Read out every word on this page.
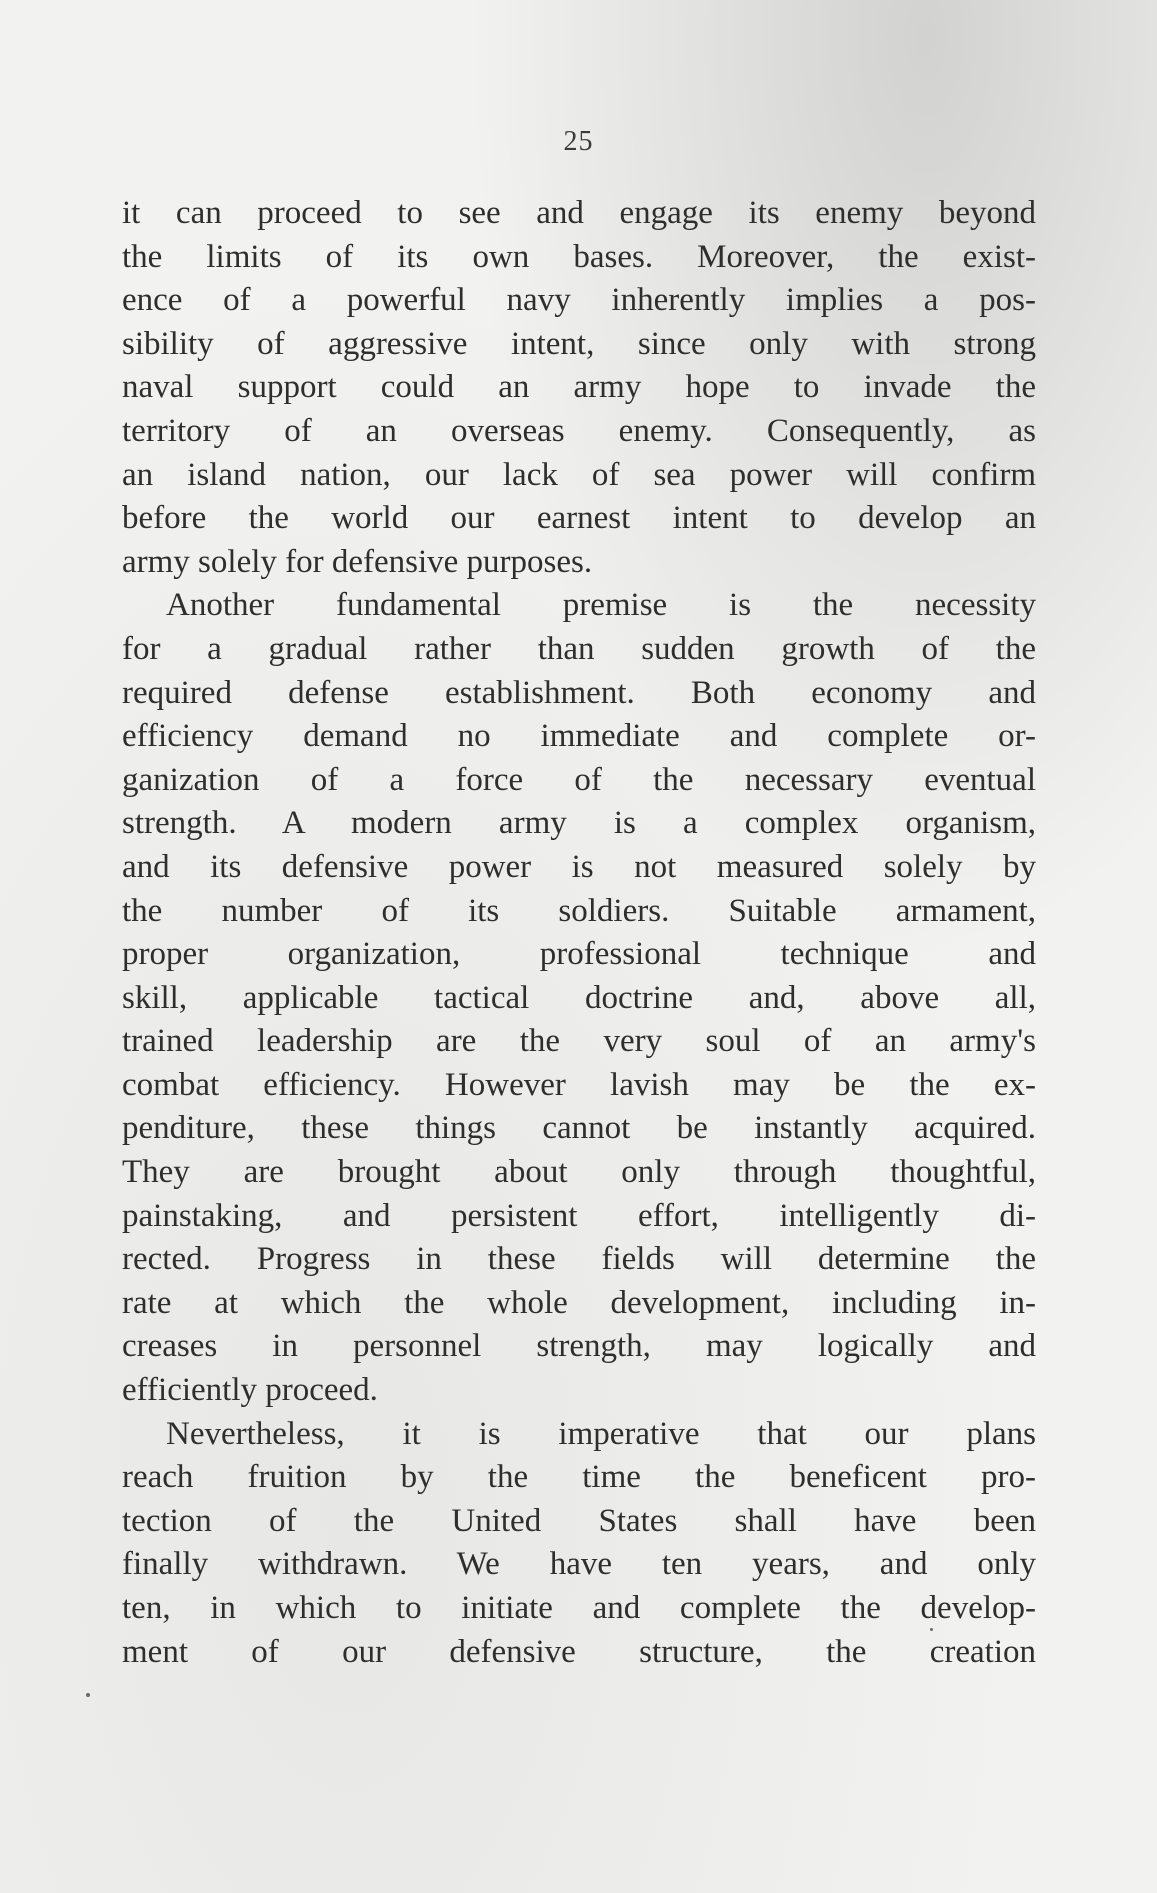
25
it can proceed to see and engage its enemy beyond
the limits of its own bases. Moreover, the exist-
ence of a powerful navy inherently implies a pos-
sibility of aggressive intent, since only with strong
naval support could an army hope to invade the
territory of an overseas enemy. Consequently, as
an island nation, our lack of sea power will confirm
before the world our earnest intent to develop an
army solely for defensive purposes.
Another fundamental premise is the necessity
for a gradual rather than sudden growth of the
required defense establishment. Both economy and
efficiency demand no immediate and complete or-
ganization of a force of the necessary eventual
strength. A modern army is a complex organism,
and its defensive power is not measured solely by
the number of its soldiers. Suitable armament,
proper organization, professional technique and
skill, applicable tactical doctrine and, above all,
trained leadership are the very soul of an army's
combat efficiency. However lavish may be the ex-
penditure, these things cannot be instantly acquired.
They are brought about only through thoughtful,
painstaking, and persistent effort, intelligently di-
rected. Progress in these fields will determine the
rate at which the whole development, including in-
creases in personnel strength, may logically and
efficiently proceed.
Nevertheless, it is imperative that our plans
reach fruition by the time the beneficent pro-
tection of the United States shall have been
finally withdrawn. We have ten years, and only
ten, in which to initiate and complete the develop-
ment of our defensive structure, the creation
